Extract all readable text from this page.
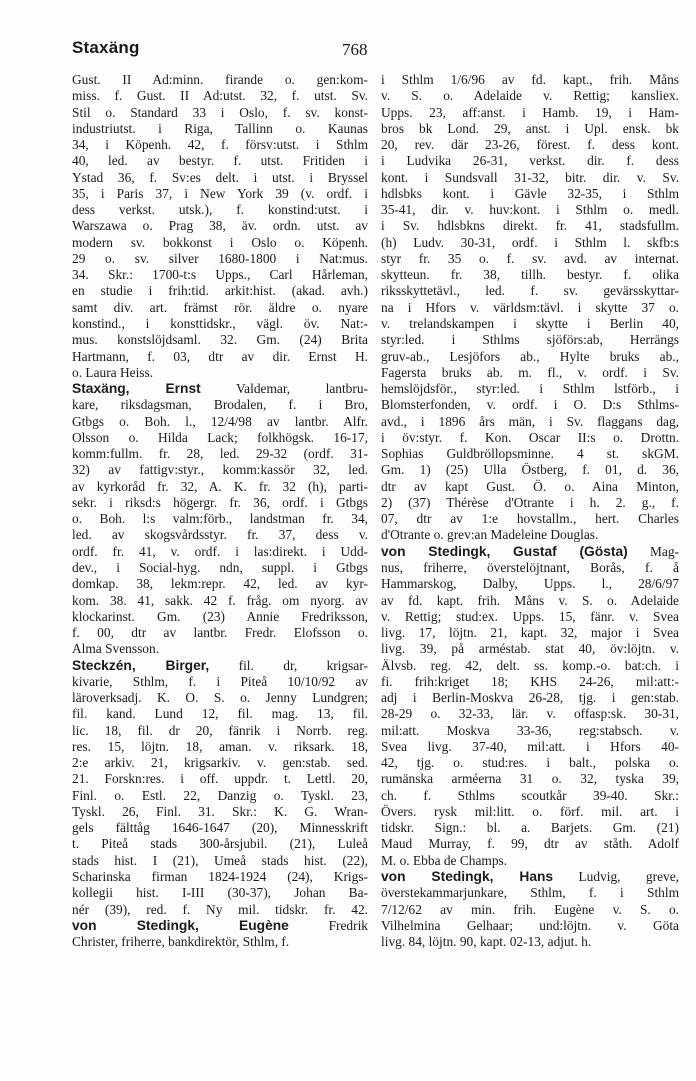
Staxäng	768
Gust. II Ad:minn. firande o. gen:kom-
miss. f. Gust. II Ad:utst. 32, f. utst. Sv.
Stil o. Standard 33 i Oslo, f. sv. konst-
industriutst. i Riga, Tallinn o. Kaunas
34, i Köpenh. 42, f. försv:utst. i Sthlm
40, led. av bestyr. f. utst. Fritiden i
Ystad 36, f. Sv:es delt. i utst. i Bryssel
35, i Paris 37, i New York 39 (v. ordf. i
dess verkst. utsk.), f. konstind:utst. i
Warszawa o. Prag 38, äv. ordn. utst. av
modern sv. bokkonst i Oslo o. Köpenh.
29 o. sv. silver 1680-1800 i Nat:mus.
34. Skr.: 1700-t:s Upps., Carl Hårleman,
en studie i frih:tid. arkit:hist. (akad. avh.)
samt div. art. främst rör. äldre o. nyare
konstind., i konsttidskr., vägl. öv. Nat:-
mus. konstslöjdsaml. 32. Gm. (24) Brita
Hartmann, f. 03, dtr av dir. Ernst H.
o. Laura Heiss.
Staxäng, Ernst Valdemar, lantbru-
kare, riksdagsman, Brodalen, f. i Bro,
Gtbgs o. Boh. l., 12/4/98 av lantbr. Alfr.
Olsson o. Hilda Lack; folkhögsk. 16-17,
komm:fullm. fr. 28, led. 29-32 (ordf. 31-
32) av fattigv:styr., komm:kassör 32, led.
av kyrkoråd fr. 32, A. K. fr. 32 (h), parti-
sekr. i riksd:s högergr. fr. 36, ordf. i Gtbgs
o. Boh. l:s valm:förb., landstman fr. 34,
led. av skogsvårdsstyr. fr. 37, dess v.
ordf. fr. 41, v. ordf. i las:direkt. i Udd-
dev., i Social-hyg. ndn, suppl. i Gtbgs
domkap. 38, lekm:repr. 42, led. av kyr-
kom. 38. 41, sakk. 42 f. fråg. om nyorg. av
klockarinst. Gm. (23) Annie Fredriksson,
f. 00, dtr av lantbr. Fredr. Elofsson o.
Alma Svensson.
Steckzén, Birger, fil. dr, krigsar-
kivarie, Sthlm, f. i Piteå 10/10/92 av
läroverksadj. K. O. S. o. Jenny Lundgren;
fil. kand. Lund 12, fil. mag. 13, fil.
lic. 18, fil. dr 20, fänrik i Norrb. reg.
res. 15, löjtn. 18, aman. v. riksark. 18,
2:e arkiv. 21, krigsarkiv. v. gen:stab. sed.
21. Forskn:res. i off. uppdr. t. Lettl. 20,
Finl. o. Estl. 22, Danzig o. Tyskl. 23,
Tyskl. 26, Finl. 31. Skr.: K. G. Wran-
gels fälttåg 1646-1647 (20), Minnesskrift
t. Piteå stads 300-årsjubil. (21), Luleå
stads hist. I (21), Umeå stads hist. (22),
Scharinska firman 1824-1924 (24), Krigs-
kollegii hist. I-III (30-37), Johan Ba-
nér (39), red. f. Ny mil. tidskr. fr. 42.
von Stedingk, Eugène Fredrik
Christer, friherre, bankdirektör, Sthlm, f.
i Sthlm 1/6/96 av fd. kapt., frih. Måns
v. S. o. Adelaide v. Rettig; kansliex.
Upps. 23, aff:anst. i Hamb. 19, i Ham-
bros bk Lond. 29, anst. i Upl. ensk. bk
20, rev. där 23-26, förest. f. dess kont.
i Ludvika 26-31, verkst. dir. f. dess
kont. i Sundsvall 31-32, bitr. dir. v. Sv.
hdlsbks kont. i Gävle 32-35, i Sthlm
35-41, dir. v. huv:kont. i Sthlm o. medl.
i Sv. hdlsbkns direkt. fr. 41, stadsfullm.
(h) Ludv. 30-31, ordf. i Sthlm l. skfb:s
styr fr. 35 o. f. sv. avd. av internat.
skytteun. fr. 38, tillh. bestyr. f. olika
riksskyttetävl., led. f. sv. gevärsskyttar-
na i Hfors v. världsm:tävl. i skytte 37 o.
v. trelandskampen i skytte i Berlin 40,
styr:led. i Sthlms sjöförs:ab, Herrängs
gruv-ab., Lesjöfors ab., Hylte bruks ab.,
Fagersta bruks ab. m. fl., v. ordf. i Sv.
hemslöjdsför., styr:led. i Sthlm lstförb., i
Blomsterfonden, v. ordf. i O. D:s Sthlms-
avd., i 1896 års män, i Sv. flaggans dag,
i öv:styr. f. Kon. Oscar II:s o. Drottn.
Sophias Guldbröllopsminne. 4 st. skGM.
Gm. 1) (25) Ulla Östberg, f. 01, d. 36,
dtr av kapt Gust. Ö. o. Aina Minton,
2) (37) Thérèse d'Otrante i h. 2. g., f.
07, dtr av 1:e hovstallm., hert. Charles
d'Otrante o. grev:an Madeleine Douglas.
von Stedingk, Gustaf (Gösta) Mag-
nus, friherre, överstelöjtnant, Borås, f. å
Hammarskog, Dalby, Upps. l., 28/6/97
av fd. kapt. frih. Måns v. S. o. Adelaide
v. Rettig; stud:ex. Upps. 15, fänr. v. Svea
livg. 17, löjtn. 21, kapt. 32, major i Svea
livg. 39, på arméstab. stat 40, öv:löjtn. v.
Älvsb. reg. 42, delt. ss. komp.-o. bat:ch. i
fi. frih:kriget 18; KHS 24-26, mil:att:-
adj i Berlin-Moskva 26-28, tjg. i gen:stab.
28-29 o. 32-33, lär. v. offasp:sk. 30-31,
mil:att. Moskva 33-36, reg:stabsch. v.
Svea livg. 37-40, mil:att. i Hfors 40-
42, tjg. o. stud:res. i balt., polska o.
rumänska arméerna 31 o. 32, tyska 39,
ch. f. Sthlms scoutkår 39-40. Skr.:
Övers. rysk mil:litt. o. förf. mil. art. i
tidskr. Sign.: bl. a. Barjets. Gm. (21)
Maud Murray, f. 99, dtr av ståth. Adolf
M. o. Ebba de Champs.
von Stedingk, Hans Ludvig, greve,
överstekammarjunkare, Sthlm, f. i Sthlm
7/12/62 av min. frih. Eugène v. S. o.
Vilhelmina Gelhaar; und:löjtn. v. Göta
livg. 84, löjtn. 90, kapt. 02-13, adjut. h.
